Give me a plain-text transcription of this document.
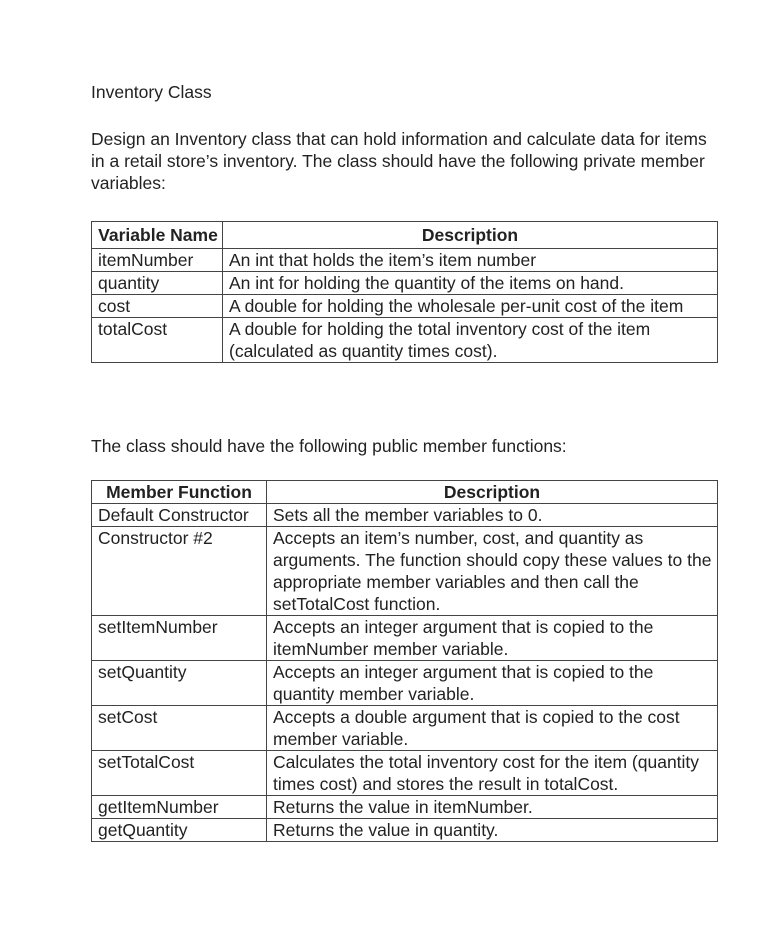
Inventory Class

Design an Inventory class that can hold information and calculate data for items in a retail store’s inventory. The class should have the following private member variables:

Variable Name	Description
itemNumber	An int that holds the item’s item number
quantity	An int for holding the quantity of the items on hand.
cost	A double for holding the wholesale per-unit cost of the item
totalCost	A double for holding the total inventory cost of the item (calculated as quantity times cost).

The class should have the following public member functions:

Member Function	Description
Default Constructor	Sets all the member variables to 0.
Constructor #2	Accepts an item’s number, cost, and quantity as arguments. The function should copy these values to the appropriate member variables and then call the setTotalCost function.
setItemNumber	Accepts an integer argument that is copied to the itemNumber member variable.
setQuantity	Accepts an integer argument that is copied to the quantity member variable.
setCost	Accepts a double argument that is copied to the cost member variable.
setTotalCost	Calculates the total inventory cost for the item (quantity times cost) and stores the result in totalCost.
getItemNumber	Returns the value in itemNumber.
getQuantity	Returns the value in quantity.
